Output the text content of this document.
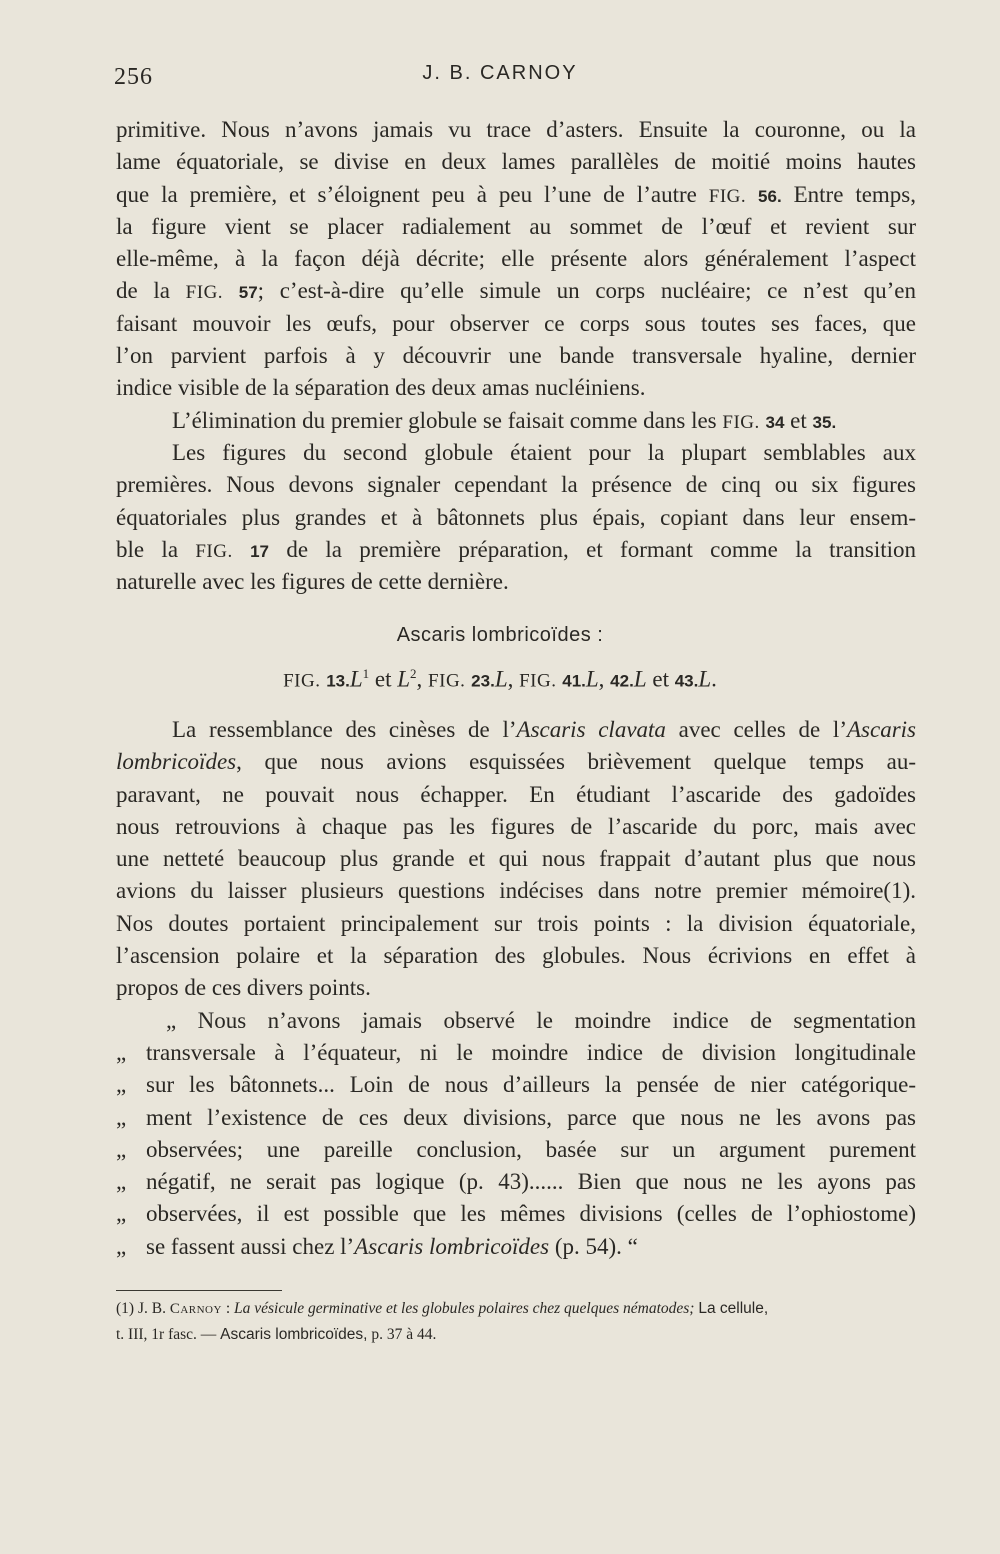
256	J. B. CARNOY
primitive. Nous n’avons jamais vu trace d’asters. Ensuite la couronne, ou la
lame équatoriale, se divise en deux lames parallèles de moitié moins hautes
que la première, et s’éloignent peu à peu l’une de l’autre FIG. 56. Entre temps,
la figure vient se placer radialement au sommet de l’œuf et revient sur
elle-même, à la façon déjà décrite; elle présente alors généralement l’aspect
de la FIG. 57; c’est-à-dire qu’elle simule un corps nucléaire; ce n’est qu’en
faisant mouvoir les œufs, pour observer ce corps sous toutes ses faces, que
l’on parvient parfois à y découvrir une bande transversale hyaline, dernier
indice visible de la séparation des deux amas nucléiniens.
L’élimination du premier globule se faisait comme dans les FIG. 34 et 35.
Les figures du second globule étaient pour la plupart semblables aux
premières. Nous devons signaler cependant la présence de cinq ou six figures
équatoriales plus grandes et à bâtonnets plus épais, copiant dans leur ensem-
ble la FIG. 17 de la première préparation, et formant comme la transition
naturelle avec les figures de cette dernière.
Ascaris lombricoïdes :
FIG. $13.L^1$ et $L^2$, FIG. 23.L, FIG. 41.L, 42.L et 43.L.
La ressemblance des cinèses de l’Ascaris clavata avec celles de l’Ascaris
lombricoïdes, que nous avions esquissées brièvement quelque temps au-
paravant, ne pouvait nous échapper. En étudiant l’ascaride des gadoïdes
nous retrouvions à chaque pas les figures de l’ascaride du porc, mais avec
une netteté beaucoup plus grande et qui nous frappait d’autant plus que nous
avions du laisser plusieurs questions indécises dans notre premier mémoire(1).
Nos doutes portaient principalement sur trois points : la division équatoriale,
l’ascension polaire et la séparation des globules. Nous écrivions en effet à
propos de ces divers points.
„ Nous n’avons jamais observé le moindre indice de segmentation
„ transversale à l’équateur, ni le moindre indice de division longitudinale
„ sur les bâtonnets... Loin de nous d’ailleurs la pensée de nier catégorique-
„ ment l’existence de ces deux divisions, parce que nous ne les avons pas
„ observées; une pareille conclusion, basée sur un argument purement
„ négatif, ne serait pas logique (p. 43)...... Bien que nous ne les ayons pas
„ observées, il est possible que les mêmes divisions (celles de l’ophiostome)
„ se fassent aussi chez l’Ascaris lombricoïdes (p. 54). “
(1) J. B. Carnoy : La vésicule germinative et les globules polaires chez quelques nématodes; La cellule,
t. III, 1r fasc. — Ascaris lombricoïdes, p. 37 à 44.
